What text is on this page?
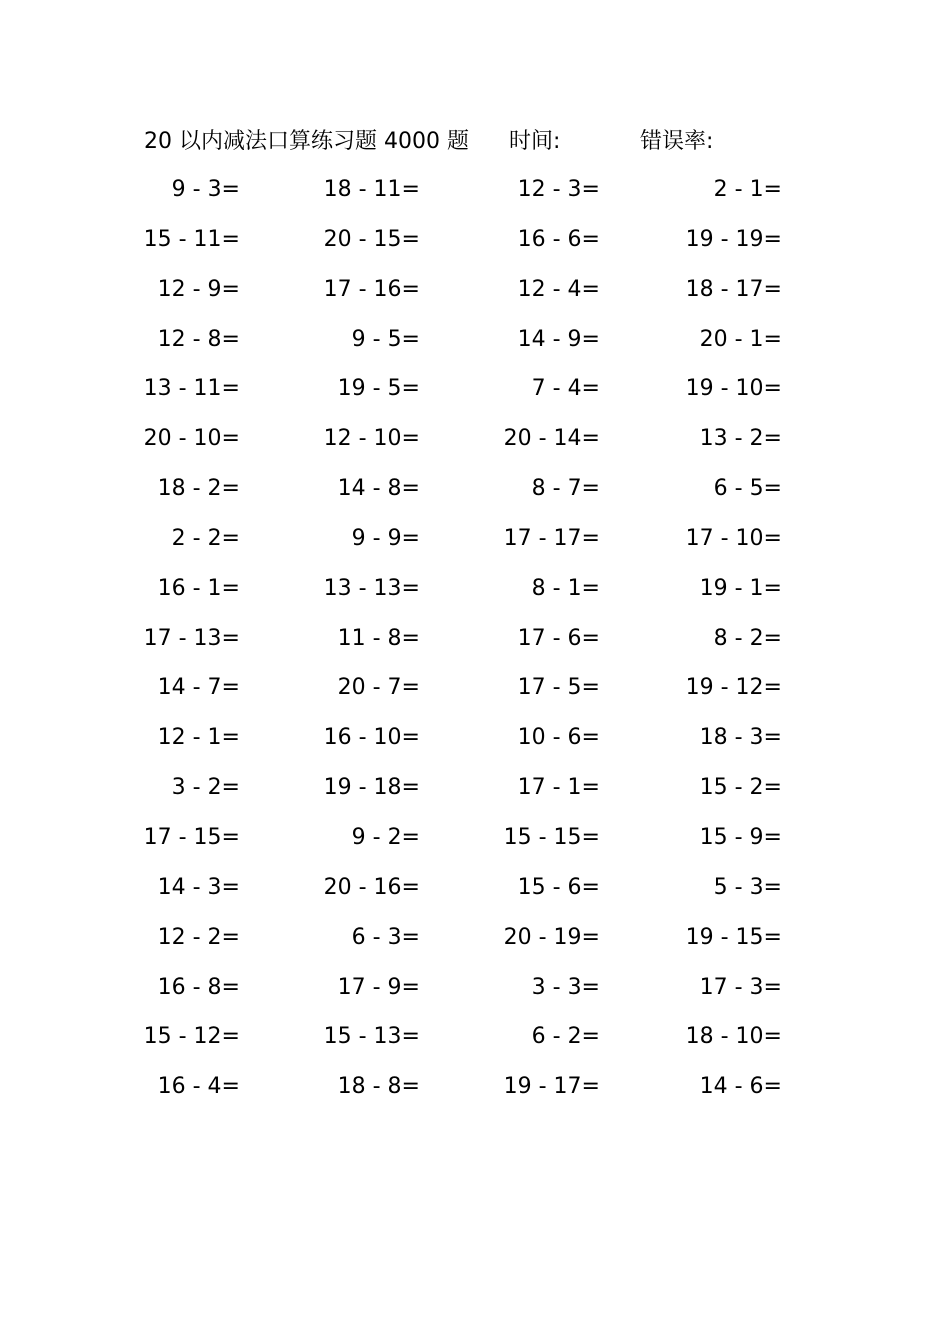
20 以内减法口算练习题 4000 题 时间:	错误率:
9 - 3=	18 - 11=	12 - 3=	2 - 1=
15 - 11=	20 - 15=	16 - 6=	19 - 19=
12 - 9=	17 - 16=	12 - 4=	18 - 17=
12 - 8=	9 - 5=	14 - 9=	20 - 1=
13 - 11=	19 - 5=	7 - 4=	19 - 10=
20 - 10=	12 - 10=	20 - 14=	13 - 2=
18 - 2=	14 - 8=	8 - 7=	6 - 5=
2 - 2=	9 - 9=	17 - 17=	17 - 10=
16 - 1=	13 - 13=	8 - 1=	19 - 1=
17 - 13=	11 - 8=	17 - 6=	8 - 2=
14 - 7=	20 - 7=	17 - 5=	19 - 12=
12 - 1=	16 - 10=	10 - 6=	18 - 3=
3 - 2=	19 - 18=	17 - 1=	15 - 2=
17 - 15=	9 - 2=	15 - 15=	15 - 9=
14 - 3=	20 - 16=	15 - 6=	5 - 3=
12 - 2=	6 - 3=	20 - 19=	19 - 15=
16 - 8=	17 - 9=	3 - 3=	17 - 3=
15 - 12=	15 - 13=	6 - 2=	18 - 10=
16 - 4=	18 - 8=	19 - 17=	14 - 6=
